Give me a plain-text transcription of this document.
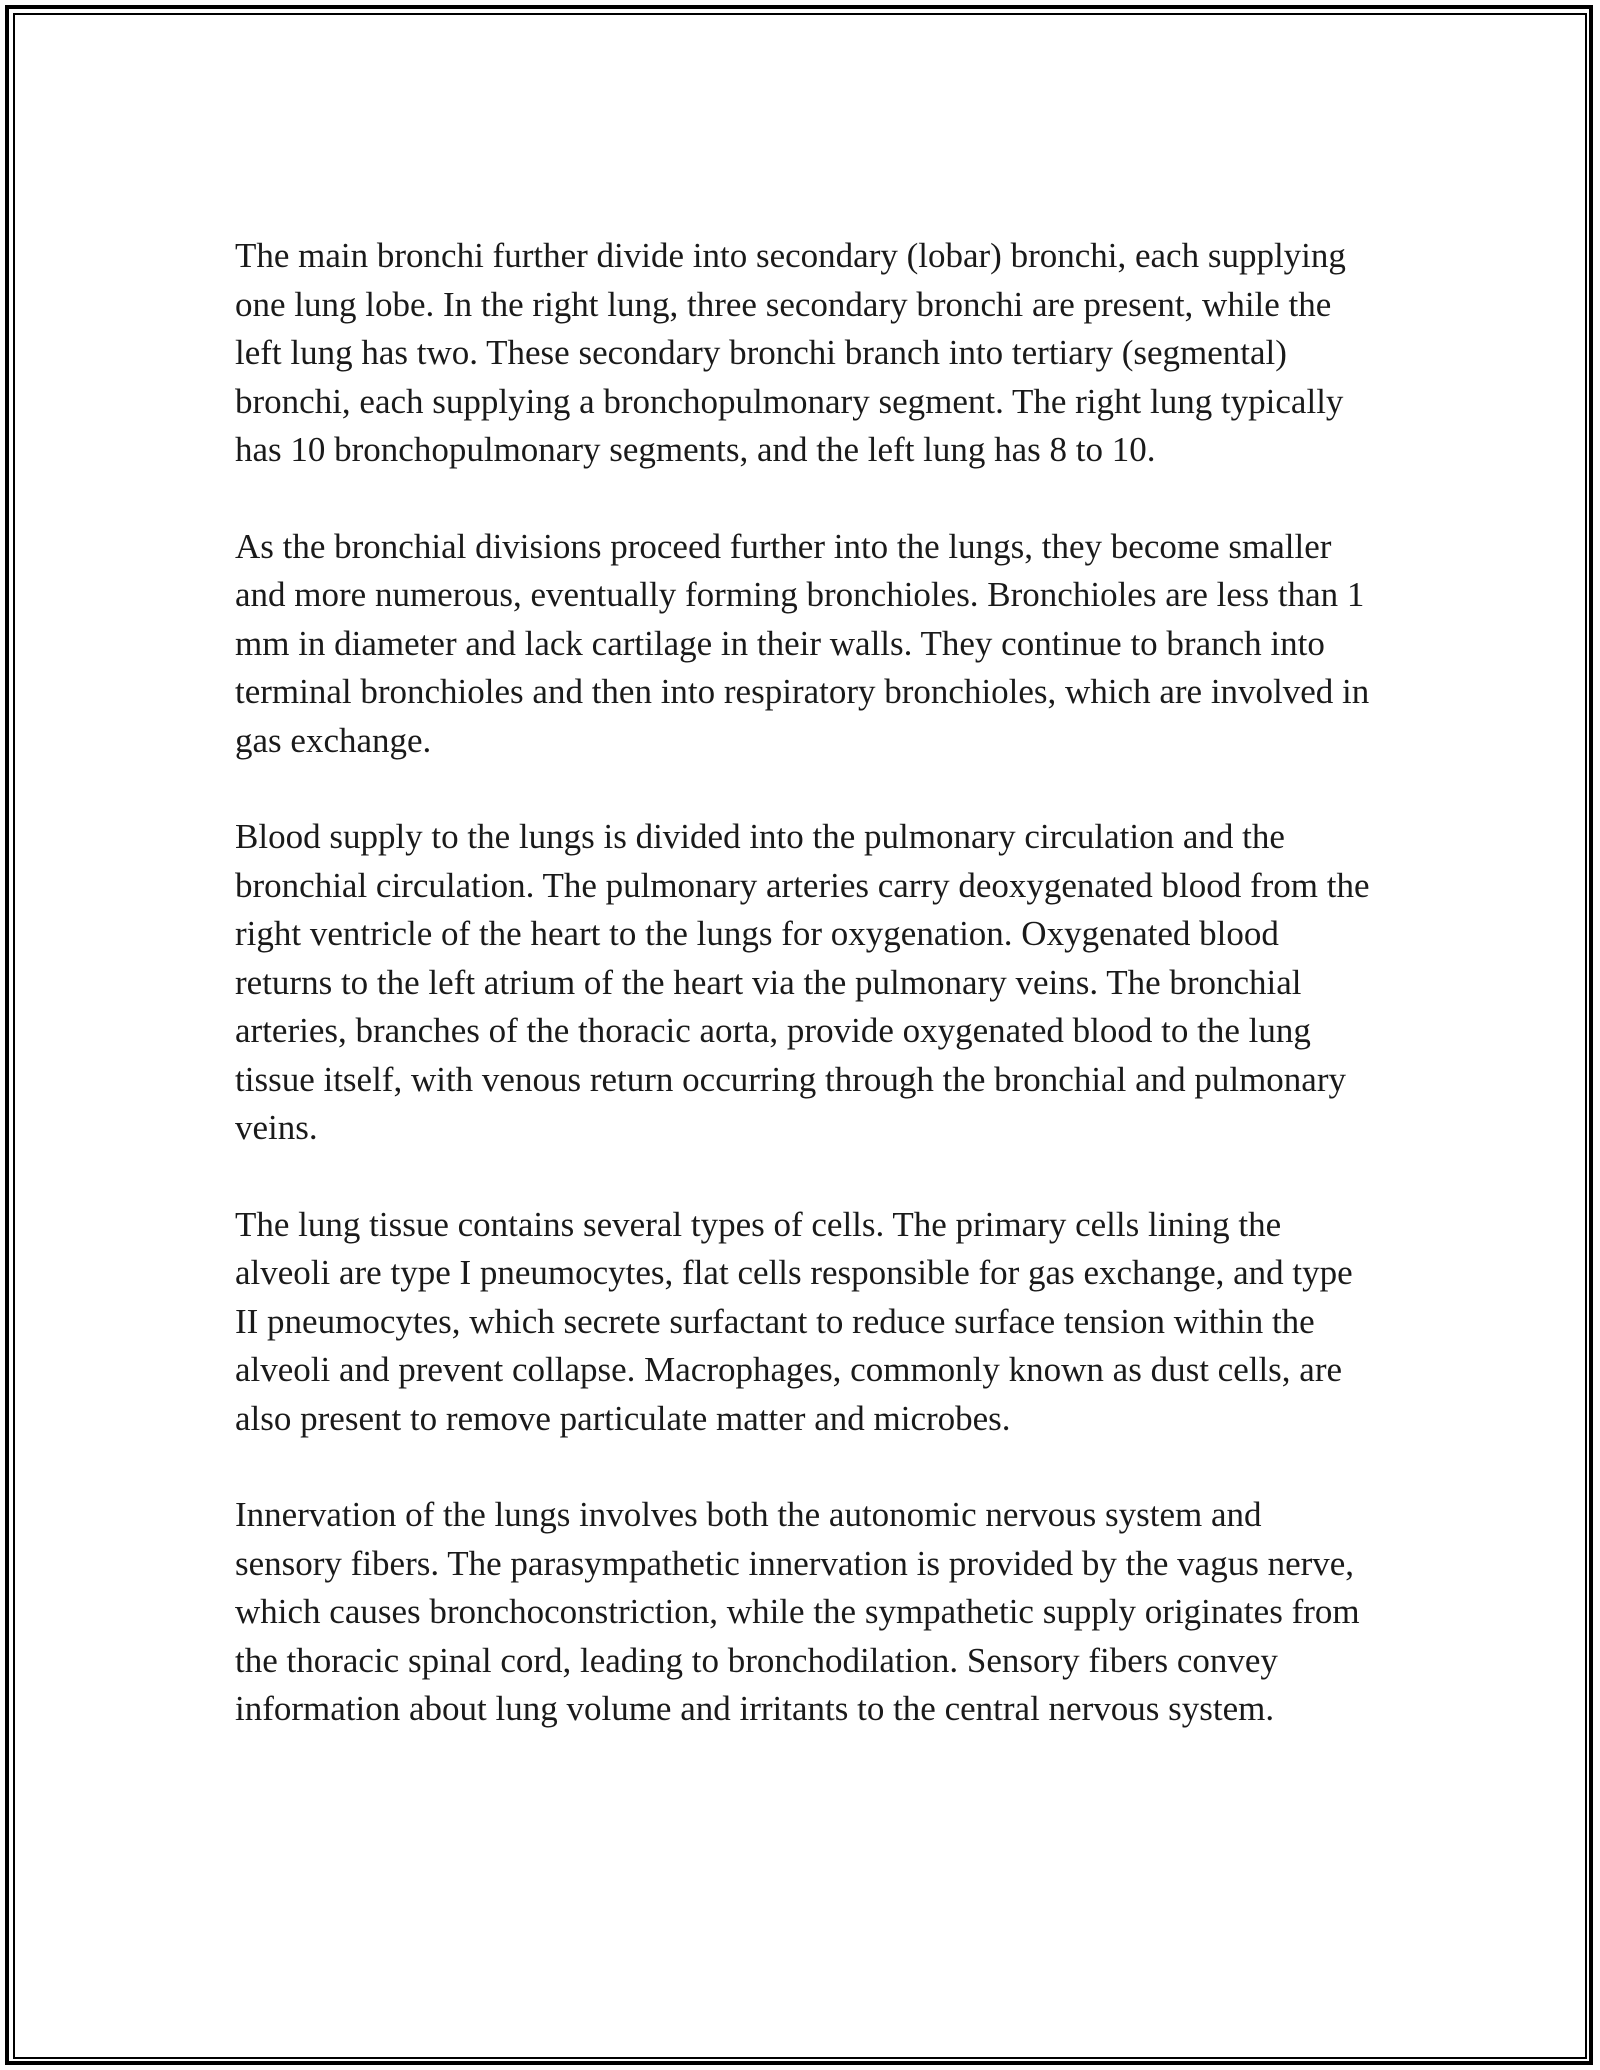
The main bronchi further divide into secondary (lobar) bronchi, each supplying one lung lobe. In the right lung, three secondary bronchi are present, while the left lung has two. These secondary bronchi branch into tertiary (segmental) bronchi, each supplying a bronchopulmonary segment. The right lung typically has 10 bronchopulmonary segments, and the left lung has 8 to 10.

As the bronchial divisions proceed further into the lungs, they become smaller and more numerous, eventually forming bronchioles. Bronchioles are less than 1 mm in diameter and lack cartilage in their walls. They continue to branch into terminal bronchioles and then into respiratory bronchioles, which are involved in gas exchange.

Blood supply to the lungs is divided into the pulmonary circulation and the bronchial circulation. The pulmonary arteries carry deoxygenated blood from the right ventricle of the heart to the lungs for oxygenation. Oxygenated blood returns to the left atrium of the heart via the pulmonary veins. The bronchial arteries, branches of the thoracic aorta, provide oxygenated blood to the lung tissue itself, with venous return occurring through the bronchial and pulmonary veins.

The lung tissue contains several types of cells. The primary cells lining the alveoli are type I pneumocytes, flat cells responsible for gas exchange, and type II pneumocytes, which secrete surfactant to reduce surface tension within the alveoli and prevent collapse. Macrophages, commonly known as dust cells, are also present to remove particulate matter and microbes.

Innervation of the lungs involves both the autonomic nervous system and sensory fibers. The parasympathetic innervation is provided by the vagus nerve, which causes bronchoconstriction, while the sympathetic supply originates from the thoracic spinal cord, leading to bronchodilation. Sensory fibers convey information about lung volume and irritants to the central nervous system.
